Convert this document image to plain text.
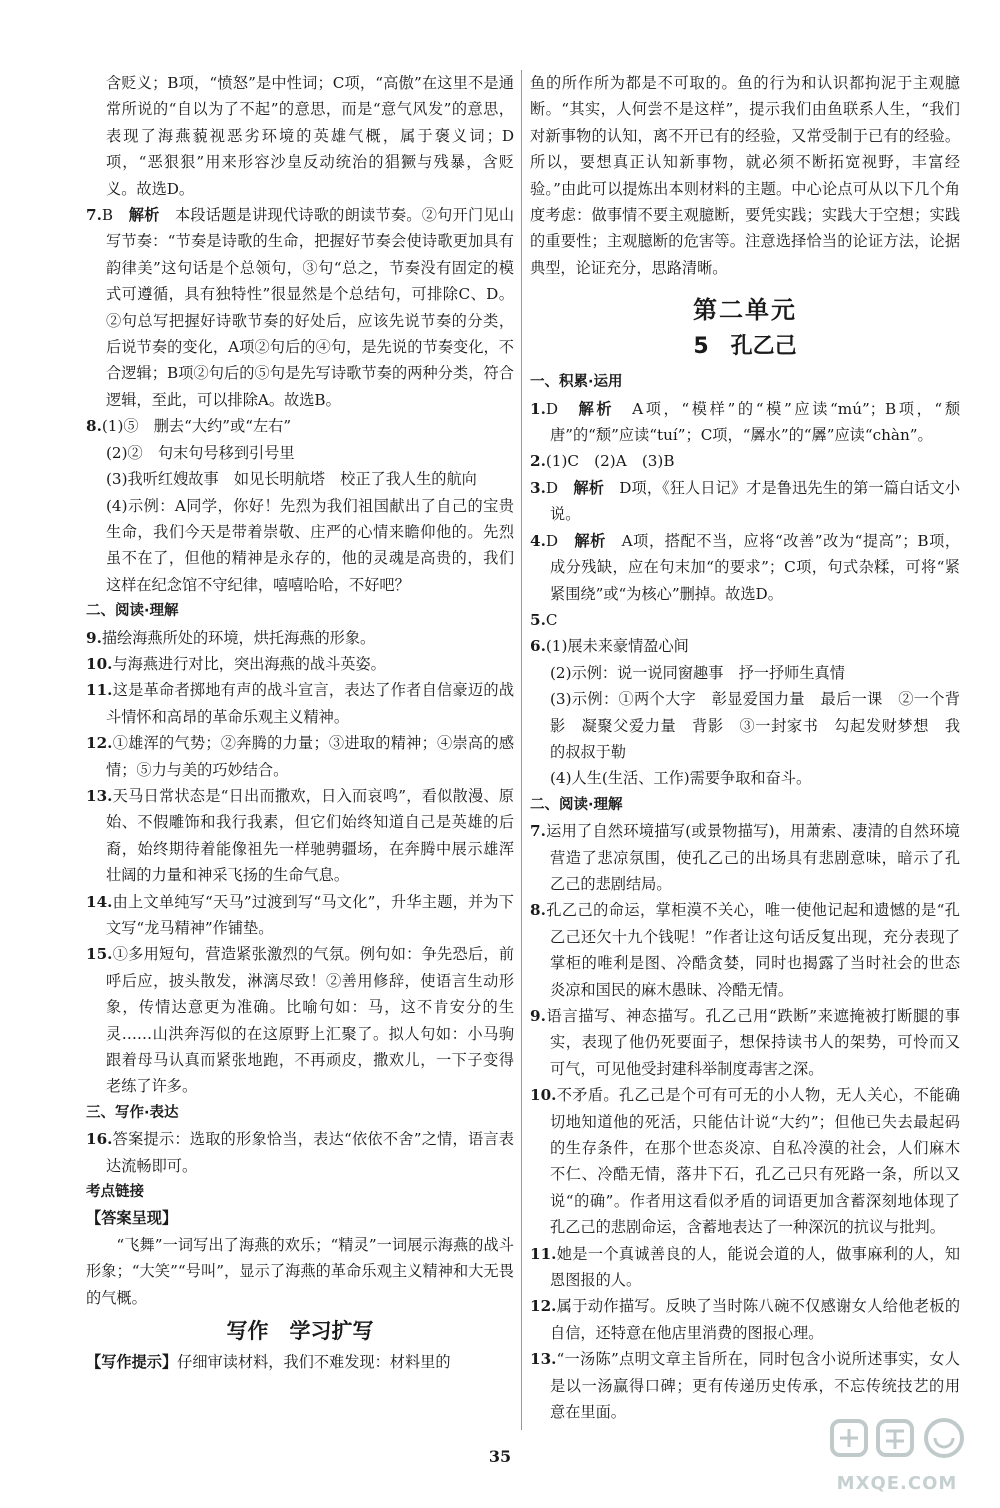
含贬义；B项，“愤怒”是中性词；C项，“高傲”在这里不是通常所说的“自以为了不起”的意思，而是“意气风发”的意思，表现了海燕藐视恶劣环境的英雄气概，属于褒义词；D项，“恶狠狠”用来形容沙皇反动统治的猖獗与残暴，含贬义。故选D。

7.B　 解析　 本段话题是讲现代诗歌的朗读节奏。②句开门见山写节奏：“节奏是诗歌的生命，把握好节奏会使诗歌更加具有韵律美”这句话是个总领句，③句“总之，节奏没有固定的模式可遵循，具有独特性”很显然是个总结句，可排除C、D。②句总写把握好诗歌节奏的好处后，应该先说节奏的分类，后说节奏的变化，A项②句后的④句，是先说的节奏变化，不合逻辑；B项②句后的⑤句是先写诗歌节奏的两种分类，符合逻辑，至此，可以排除A。故选B。

8.(1)⑤　删去“大约”或“左右”

(2)②　句末句号移到引号里

(3)我听红嫂故事　如见长明航塔　校正了我人生的航向

(4)示例：A同学，你好！先烈为我们祖国献出了自己的宝贵生命，我们今天是带着崇敬、庄严的心情来瞻仰他的。先烈虽不在了，但他的精神是永存的，他的灵魂是高贵的，我们这样在纪念馆不守纪律，嘻嘻哈哈，不好吧？

二、阅读·理解

9.描绘海燕所处的环境，烘托海燕的形象。

10.与海燕进行对比，突出海燕的战斗英姿。

11.这是革命者掷地有声的战斗宣言，表达了作者自信豪迈的战斗情怀和高昂的革命乐观主义精神。

12.①雄浑的气势；②奔腾的力量；③进取的精神；④崇高的感情；⑤力与美的巧妙结合。

13.天马日常状态是“日出而撒欢，日入而哀鸣”，看似散漫、原始、不假雕饰和我行我素，但它们始终知道自己是英雄的后裔，始终期待着能像祖先一样驰骋疆场，在奔腾中展示雄浑壮阔的力量和神采飞扬的生命气息。

14.由上文单纯写“天马”过渡到写“马文化”，升华主题，并为下文写“龙马精神”作铺垫。

15.①多用短句，营造紧张激烈的气氛。例句如：争先恐后，前呼后应，披头散发，淋漓尽致！②善用修辞，使语言生动形象，传情达意更为准确。比喻句如：马，这不肯安分的生灵……山洪奔泻似的在这原野上汇聚了。拟人句如：小马驹跟着母马认真而紧张地跑，不再顽皮，撒欢儿，一下子变得老练了许多。

三、写作·表达

16.答案提示：选取的形象恰当，表达“依依不舍”之情，语言表达流畅即可。

考点链接

【答案呈现】

“飞舞”一词写出了海燕的欢乐；“精灵”一词展示海燕的战斗形象；“大笑”“号叫”，显示了海燕的革命乐观主义精神和大无畏的气概。

写作　学习扩写

【写作提示】仔细审读材料，我们不难发现：材料里的

鱼的所作所为都是不可取的。鱼的行为和认识都拘泥于主观臆断。“其实，人何尝不是这样”，提示我们由鱼联系人生，“我们对新事物的认知，离不开已有的经验，又常受制于已有的经验。所以，要想真正认知新事物，就必须不断拓宽视野，丰富经验。”由此可以提炼出本则材料的主题。中心论点可从以下几个角度考虑：做事情不要主观臆断，要凭实践；实践大于空想；实践的重要性；主观臆断的危害等。注意选择恰当的论证方法，论据典型，论证充分，思路清晰。

第二单元
5　孔乙己

一、积累·运用

1.D　 解析　 A项，“模样”的“模”应读“mú”；B项，“颓唐”的“颓”应读“tuí”；C项，“羼水”的“羼”应读“chàn”。

2.(1)C　(2)A　(3)B

3.D　 解析　 D项，《狂人日记》才是鲁迅先生的第一篇白话文小说。

4.D　 解析　 A项，搭配不当，应将“改善”改为“提高”；B项，成分残缺，应在句末加“的要求”；C项，句式杂糅，可将“紧紧围绕”或“为核心”删掉。故选D。

5.C

6.(1)展未来豪情盈心间

(2)示例：说一说同窗趣事　抒一抒师生真情

(3)示例：①两个大字　彰显爱国力量　最后一课　②一个背影　凝聚父爱力量　背影　③一封家书　勾起发财梦想　我的叔叔于勒

(4)人生(生活、工作)需要争取和奋斗。

二、阅读·理解

7.运用了自然环境描写(或景物描写)，用萧索、凄清的自然环境营造了悲凉氛围，使孔乙己的出场具有悲剧意味，暗示了孔乙己的悲剧结局。

8.孔乙己的命运，掌柜漠不关心，唯一使他记起和遗憾的是“孔乙己还欠十九个钱呢！”作者让这句话反复出现，充分表现了掌柜的唯利是图、冷酷贪婪，同时也揭露了当时社会的世态炎凉和国民的麻木愚昧、冷酷无情。

9.语言描写、神态描写。孔乙己用“跌断”来遮掩被打断腿的事实，表现了他仍死要面子，想保持读书人的架势，可怜而又可气，可见他受封建科举制度毒害之深。

10.不矛盾。孔乙己是个可有可无的小人物，无人关心，不能确切地知道他的死活，只能估计说“大约”；但他已失去最起码的生存条件，在那个世态炎凉、自私冷漠的社会，人们麻木不仁、冷酷无情，落井下石，孔乙己只有死路一条，所以又说“的确”。作者用这看似矛盾的词语更加含蓄深刻地体现了孔乙己的悲剧命运，含蓄地表达了一种深沉的抗议与批判。

11.她是一个真诚善良的人，能说会道的人，做事麻利的人，知恩图报的人。

12.属于动作描写。反映了当时陈八碗不仅感谢女人给他老板的自信，还特意在他店里消费的图报心理。

13.“一汤陈”点明文章主旨所在，同时包含小说所述事实，女人是以一汤赢得口碑；更有传递历史传承，不忘传统技艺的用意在里面。

35
MXQE.COM
